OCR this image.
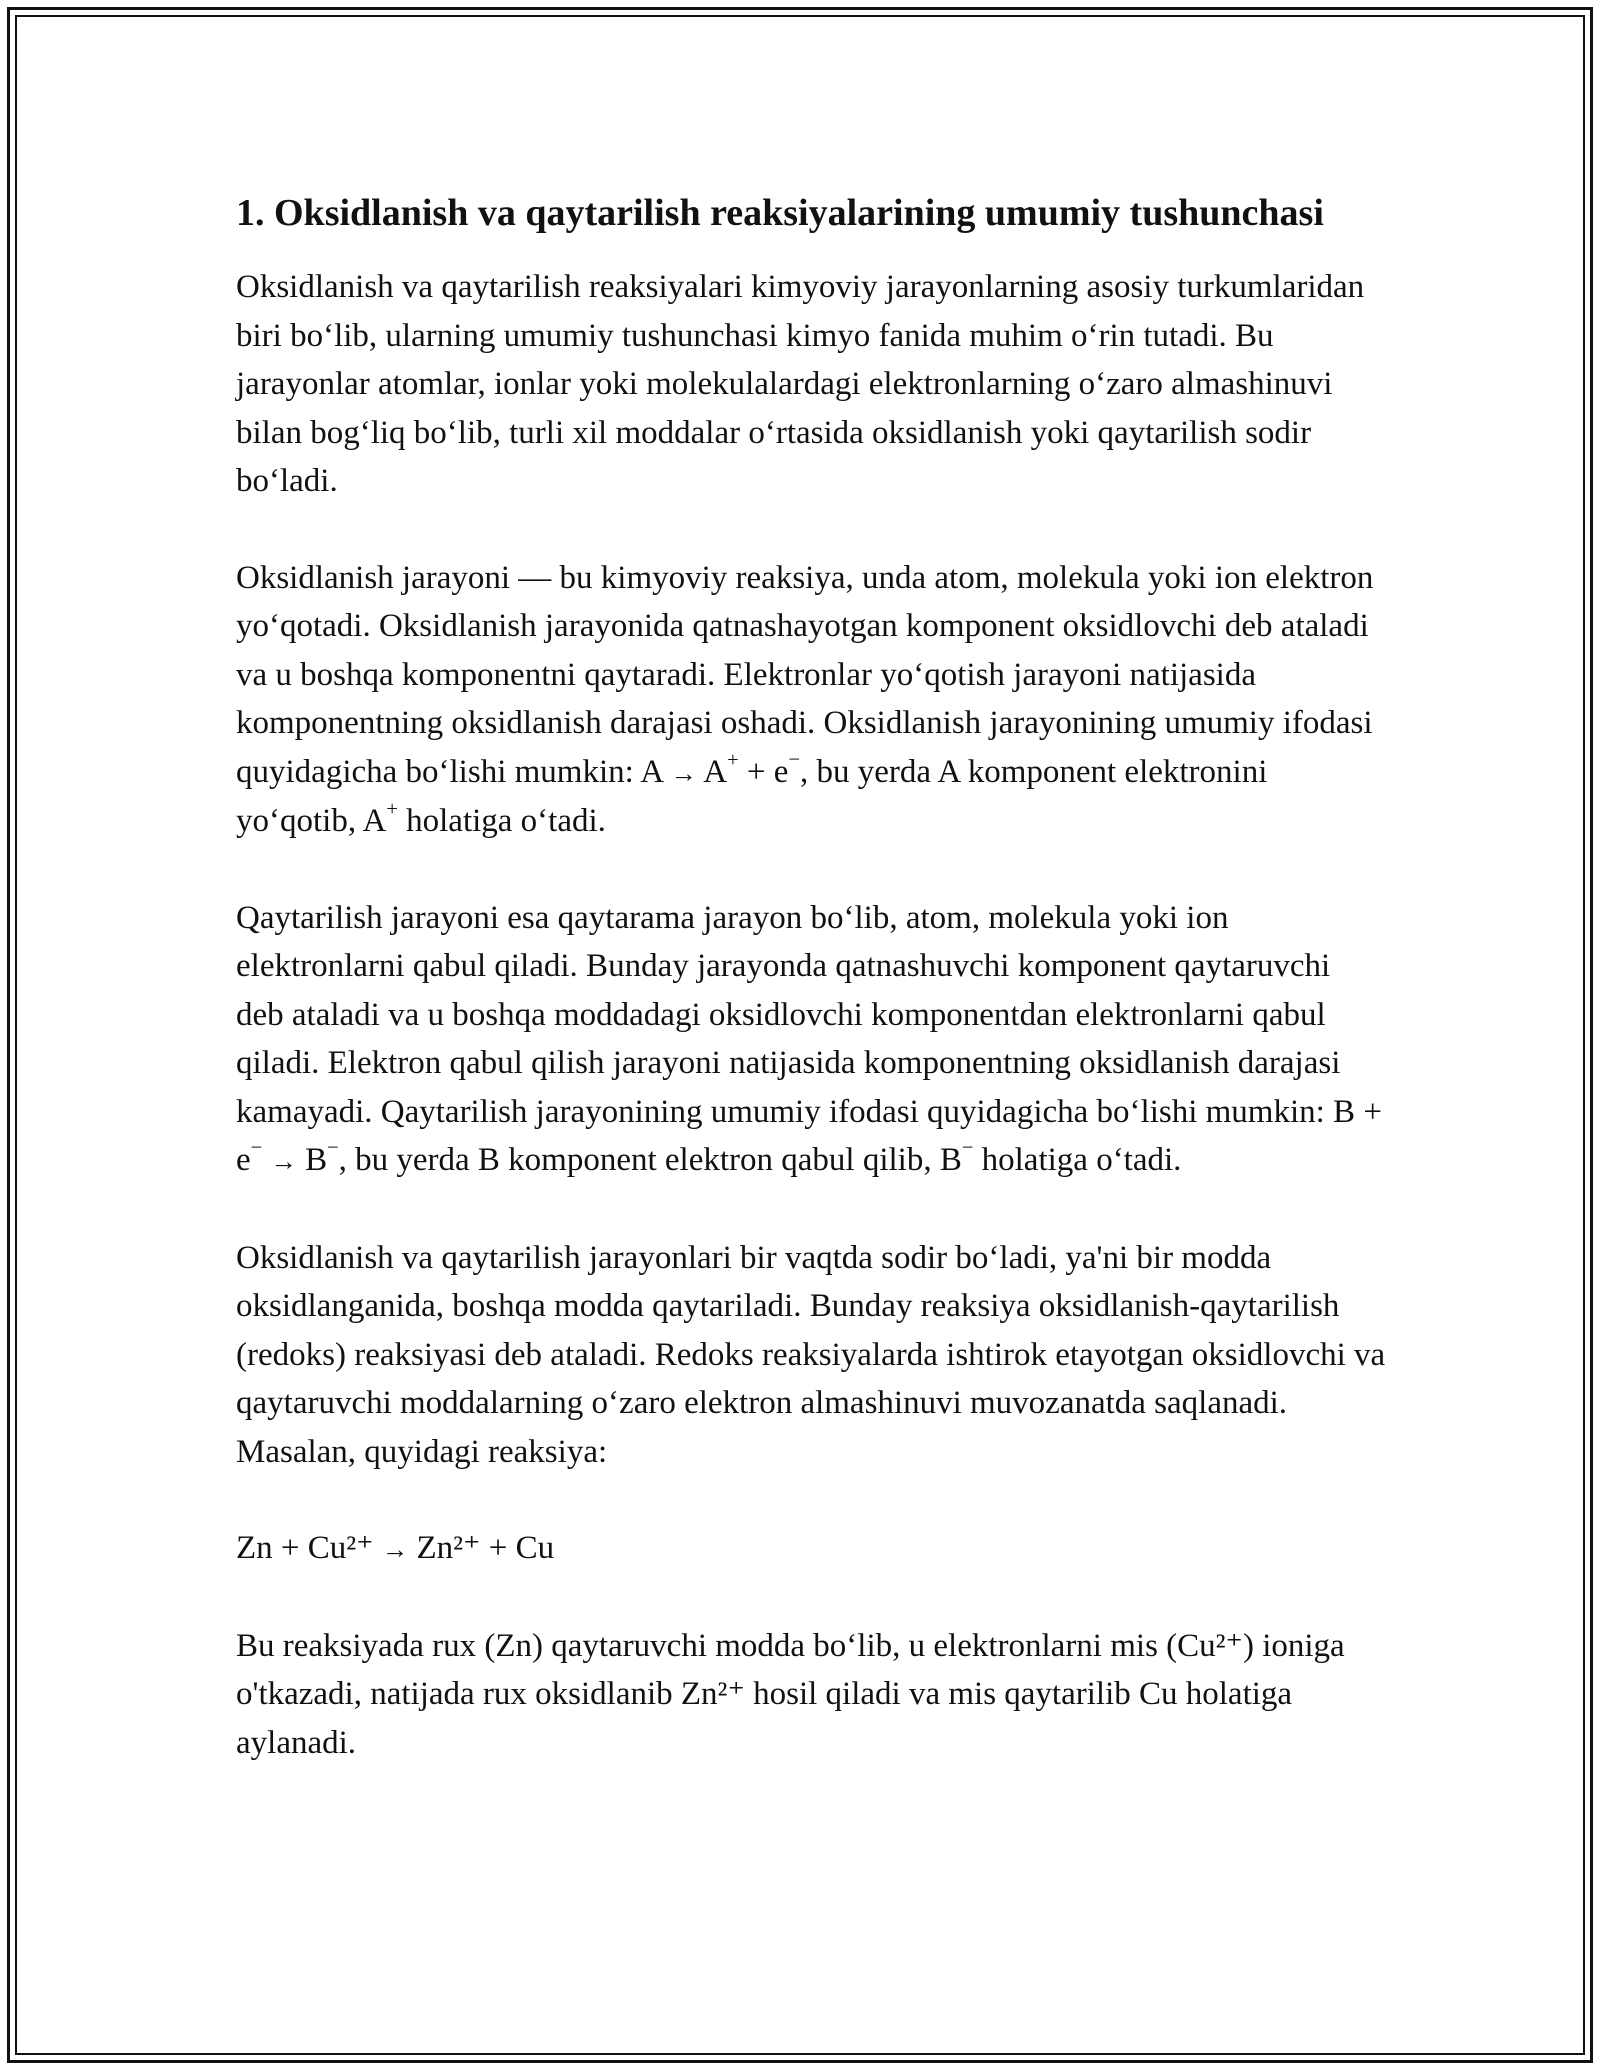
1. Oksidlanish va qaytarilish reaksiyalarining umumiy tushunchasi

Oksidlanish va qaytarilish reaksiyalari kimyoviy jarayonlarning asosiy turkumlaridan biri bo‘lib, ularning umumiy tushunchasi kimyo fanida muhim o‘rin tutadi. Bu jarayonlar atomlar, ionlar yoki molekulalardagi elektronlarning o‘zaro almashinuvi bilan bog‘liq bo‘lib, turli xil moddalar o‘rtasida oksidlanish yoki qaytarilish sodir bo‘ladi.

Oksidlanish jarayoni — bu kimyoviy reaksiya, unda atom, molekula yoki ion elektron yo‘qotadi. Oksidlanish jarayonida qatnashayotgan komponent oksidlovchi deb ataladi va u boshqa komponentni qaytaradi. Elektronlar yo‘qotish jarayoni natijasida komponentning oksidlanish darajasi oshadi. Oksidlanish jarayonining umumiy ifodasi quyidagicha bo‘lishi mumkin: A → A+ + e−, bu yerda A komponent elektronini yo‘qotib, A+ holatiga o‘tadi.

Qaytarilish jarayoni esa qaytarama jarayon bo‘lib, atom, molekula yoki ion elektronlarni qabul qiladi. Bunday jarayonda qatnashuvchi komponent qaytaruvchi deb ataladi va u boshqa moddadagi oksidlovchi komponentdan elektronlarni qabul qiladi. Elektron qabul qilish jarayoni natijasida komponentning oksidlanish darajasi kamayadi. Qaytarilish jarayonining umumiy ifodasi quyidagicha bo‘lishi mumkin: B + e− → B−, bu yerda B komponent elektron qabul qilib, B− holatiga o‘tadi.

Oksidlanish va qaytarilish jarayonlari bir vaqtda sodir bo‘ladi, ya'ni bir modda oksidlanganida, boshqa modda qaytariladi. Bunday reaksiya oksidlanish-qaytarilish (redoks) reaksiyasi deb ataladi. Redoks reaksiyalarda ishtirok etayotgan oksidlovchi va qaytaruvchi moddalarning o‘zaro elektron almashinuvi muvozanatda saqlanadi. Masalan, quyidagi reaksiya:

Zn + Cu²⁺ → Zn²⁺ + Cu

Bu reaksiyada rux (Zn) qaytaruvchi modda bo‘lib, u elektronlarni mis (Cu²⁺) ioniga o'tkazadi, natijada rux oksidlanib Zn²⁺ hosil qiladi va mis qaytarilib Cu holatiga aylanadi.
